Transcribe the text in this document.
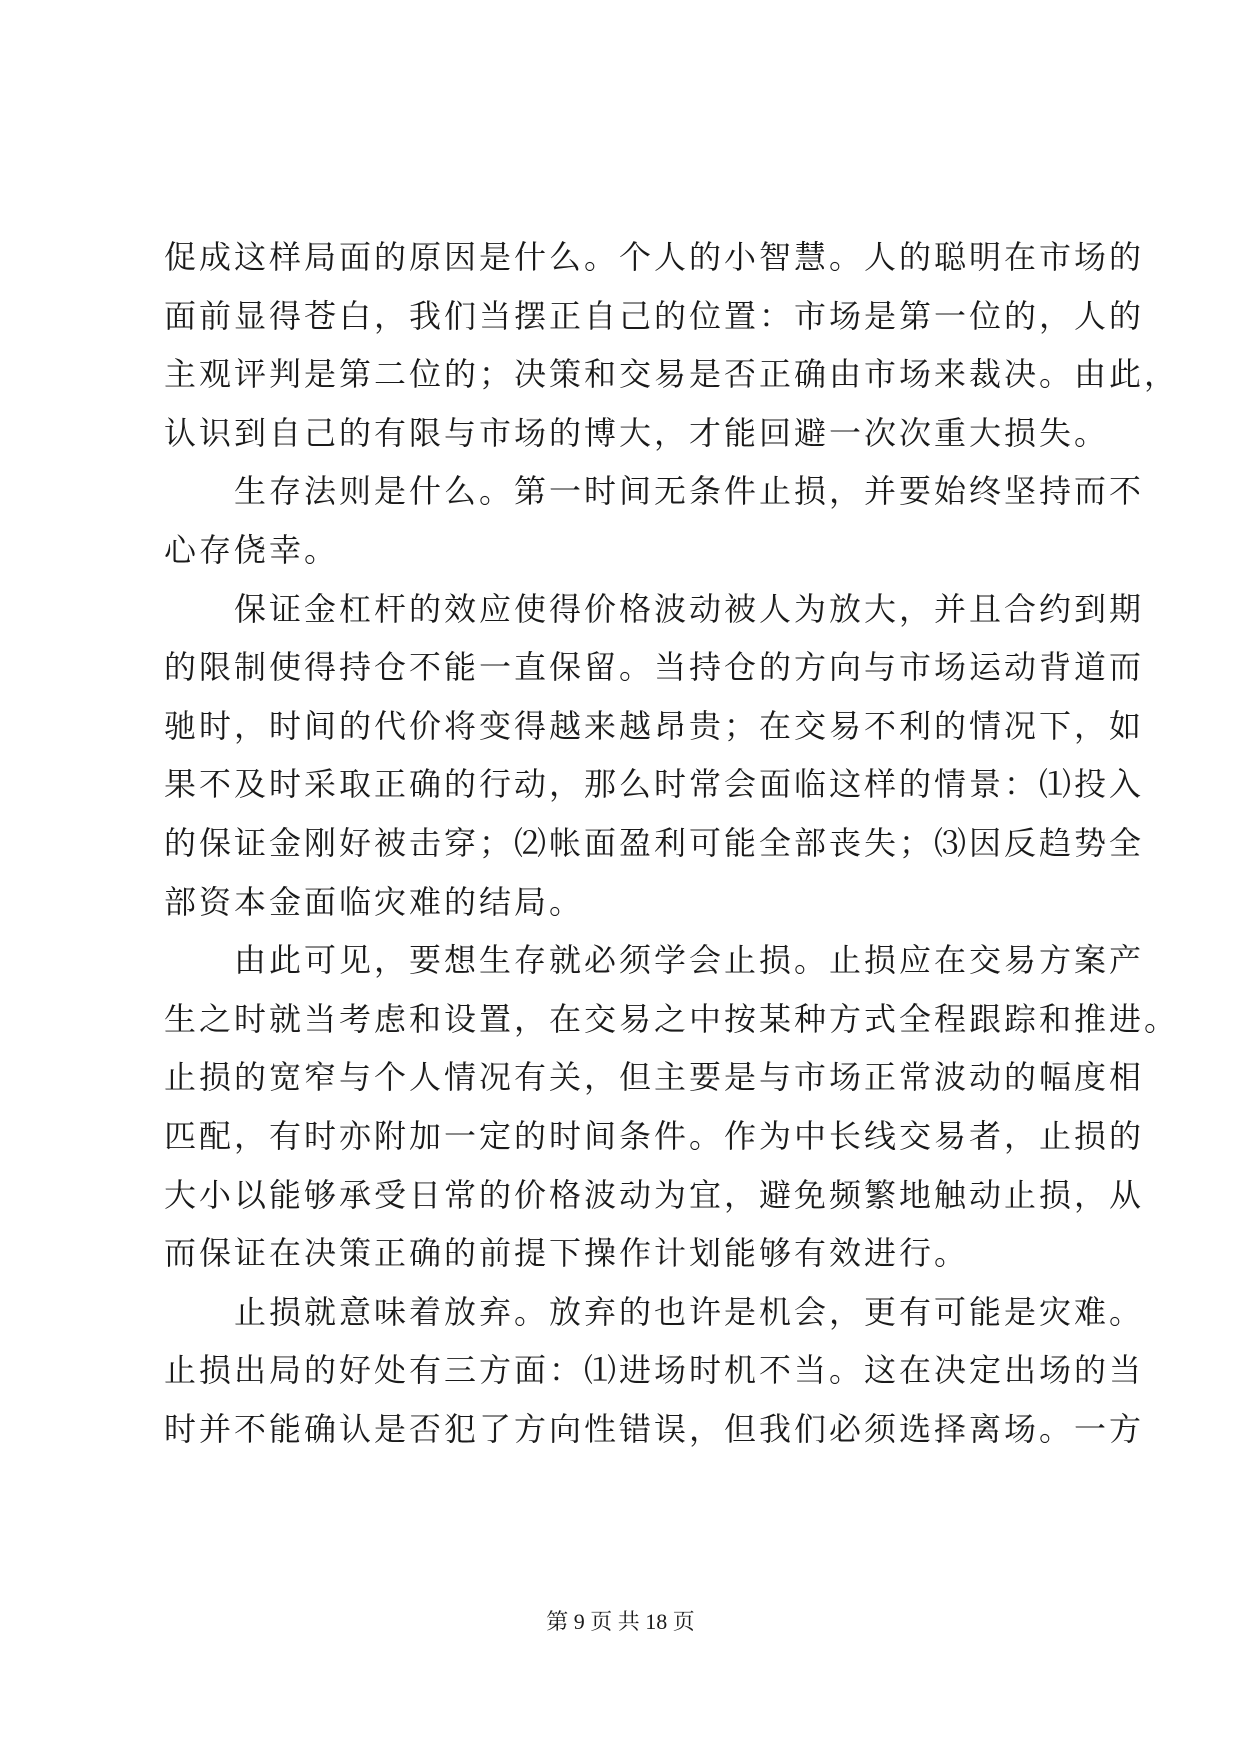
促成这样局面的原因是什么。个人的小智慧。人的聪明在市场的
面前显得苍白，我们当摆正自己的位置：市场是第一位的，人的
主观评判是第二位的；决策和交易是否正确由市场来裁决。由此，
认识到自己的有限与市场的博大，才能回避一次次重大损失。
　　生存法则是什么。第一时间无条件止损，并要始终坚持而不
心存侥幸。
　　保证金杠杆的效应使得价格波动被人为放大，并且合约到期
的限制使得持仓不能一直保留。当持仓的方向与市场运动背道而
驰时，时间的代价将变得越来越昂贵；在交易不利的情况下，如
果不及时采取正确的行动，那么时常会面临这样的情景：⑴投入
的保证金刚好被击穿；⑵帐面盈利可能全部丧失；⑶因反趋势全
部资本金面临灾难的结局。
　　由此可见，要想生存就必须学会止损。止损应在交易方案产
生之时就当考虑和设置，在交易之中按某种方式全程跟踪和推进。
止损的宽窄与个人情况有关，但主要是与市场正常波动的幅度相
匹配，有时亦附加一定的时间条件。作为中长线交易者，止损的
大小以能够承受日常的价格波动为宜，避免频繁地触动止损，从
而保证在决策正确的前提下操作计划能够有效进行。
　　止损就意味着放弃。放弃的也许是机会，更有可能是灾难。
止损出局的好处有三方面：⑴进场时机不当。这在决定出场的当
时并不能确认是否犯了方向性错误，但我们必须选择离场。一方
第 9 页 共 18 页
